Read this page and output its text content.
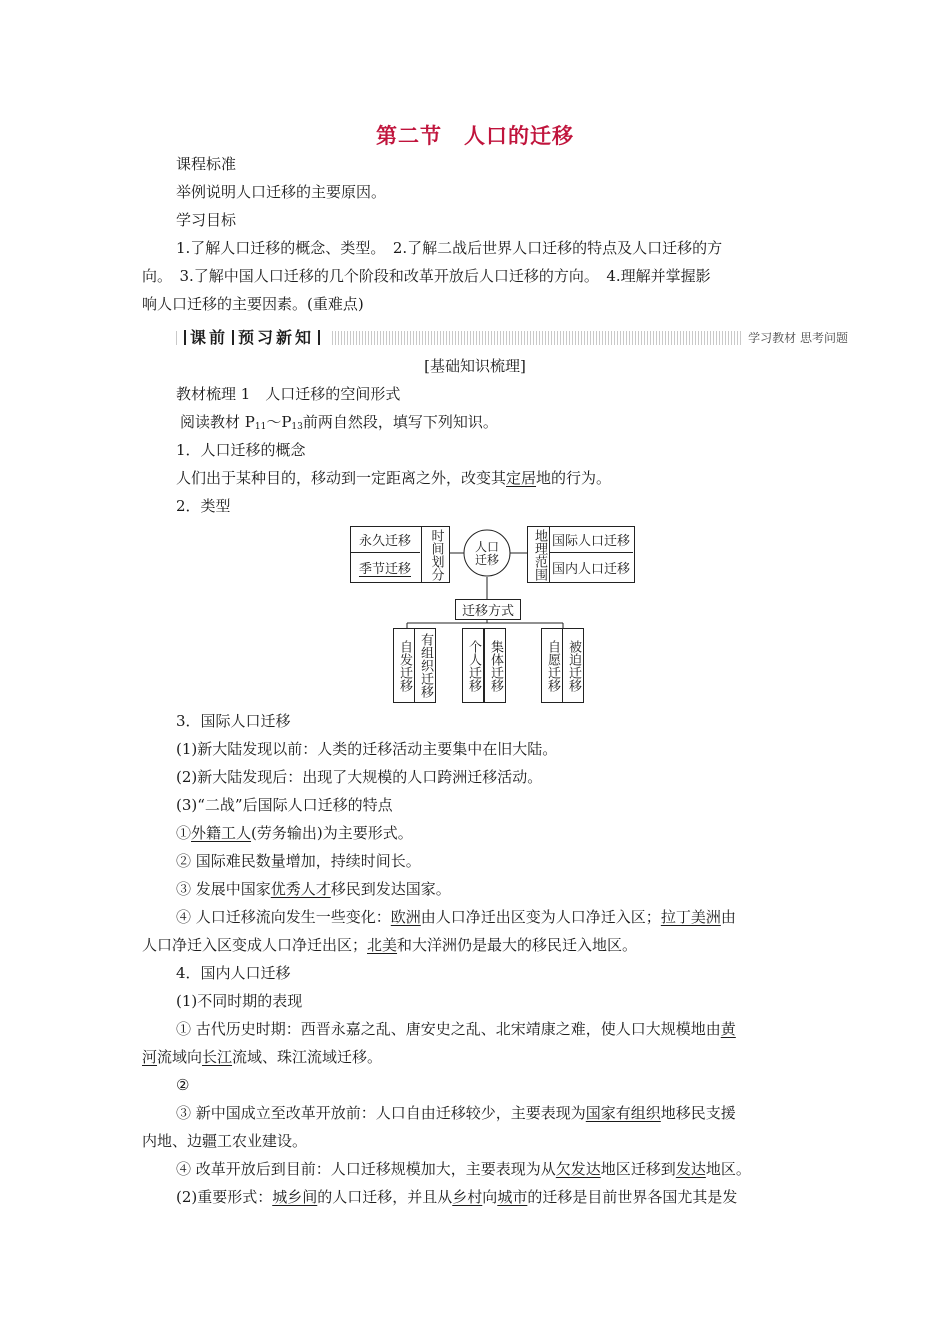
第二节 人口的迁移
课程标准
举例说明人口迁移的主要原因。
学习目标
1.了解人口迁移的概念、类型。　2.了解二战后世界人口迁移的特点及人口迁移的方
向。　3.了解中国人口迁移的几个阶段和改革开放后人口迁移的方向。　4.理解并掌握影
响人口迁移的主要因素。(重难点)
课前 预习新知	学习教材 思考问题
[基础知识梳理]
教材梳理 1　人口迁移的空间形式
阅读教材 $P_{11}\sim P_{13}$前两自然段，填写下列知识。
1．人口迁移的概念
人们出于某种目的，移动到一定距离之外，改变其定居地的行为。
2．类型
永久迁移
季节迁移 时间划分	人口迁移	地理范围 国际人口迁移
国内人口迁移
迁移方式
自发迁移 有组织迁移	个人迁移 集体迁移	自愿迁移 被迫迁移
3．国际人口迁移
(1)新大陆发现以前：人类的迁移活动主要集中在旧大陆。
(2)新大陆发现后：出现了大规模的人口跨洲迁移活动。
(3)“二战”后国际人口迁移的特点
①外籍工人(劳务输出)为主要形式。
② 国际难民数量增加，持续时间长。
③ 发展中国家优秀人才移民到发达国家。
④ 人口迁移流向发生一些变化：欧洲由人口净迁出区变为人口净迁入区；拉丁美洲由
人口净迁入区变成人口净迁出区；北美和大洋洲仍是最大的移民迁入地区。
4．国内人口迁移
(1)不同时期的表现
① 古代历史时期：西晋永嘉之乱、唐安史之乱、北宋靖康之难，使人口大规模地由黄
河流域向长江流域、珠江流域迁移。
②
③ 新中国成立至改革开放前：人口自由迁移较少，主要表现为国家有组织地移民支援
内地、边疆工农业建设。
④ 改革开放后到目前：人口迁移规模加大，主要表现为从欠发达地区迁移到发达地区。
(2)重要形式：城乡间的人口迁移，并且从乡村向城市的迁移是目前世界各国尤其是发
